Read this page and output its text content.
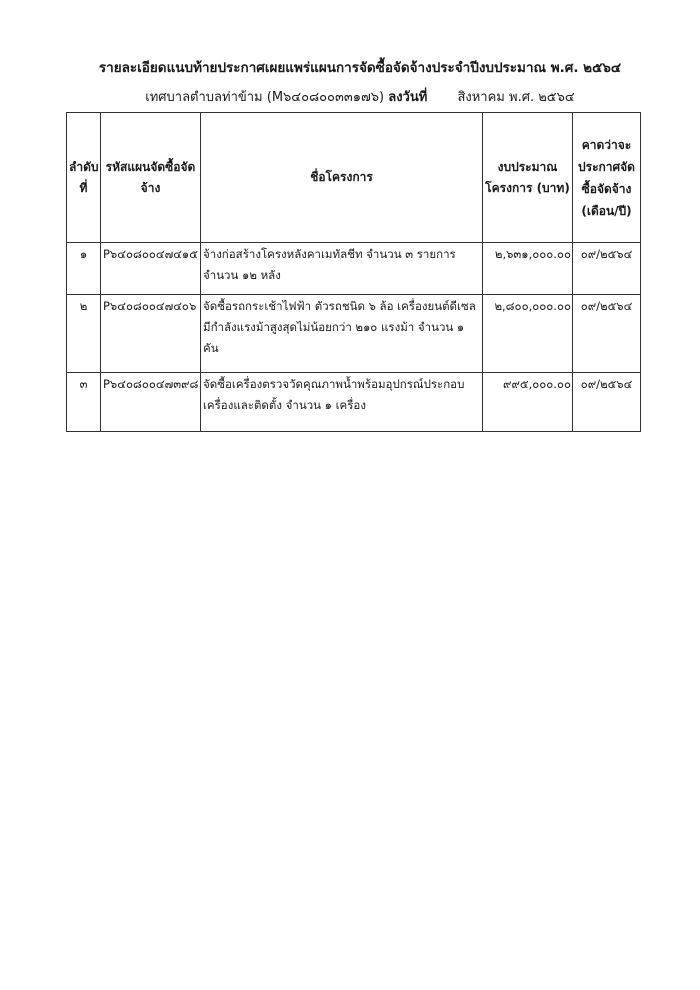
รายละเอียดแนบท้ายประกาศเผยแพร่แผนการจัดซื้อจัดจ้างประจำปีงบประมาณ พ.ศ. ๒๕๖๔
เทศบาลตำบลท่าข้าม (M๖๔๐๘๐๐๓๓๑๗๖) ลงวันที่ สิงหาคม พ.ศ. ๒๕๖๔
ลำดับที่	รหัสแผนจัดซื้อจัดจ้าง	ชื่อโครงการ	งบประมาณโครงการ (บาท)	คาดว่าจะประกาศจัดซื้อจัดจ้าง (เดือน/ปี)
๑	P๖๔๐๘๐๐๔๗๔๑๕	จ้างก่อสร้างโครงหลังคาเมทัลชีท จำนวน ๓ รายการ จำนวน ๑๒ หลัง	๒,๖๓๑,๐๐๐.๐๐	๐๙/๒๕๖๔
๒	P๖๔๐๘๐๐๔๗๔๐๖	จัดซื้อรถกระเช้าไฟฟ้า ตัวรถชนิด ๖ ล้อ เครื่องยนต์ดีเซล มีกำลังแรงม้าสูงสุดไม่น้อยกว่า ๒๑๐ แรงม้า จำนวน ๑ คัน	๒,๘๐๐,๐๐๐.๐๐	๐๙/๒๕๖๔
๓	P๖๔๐๘๐๐๔๗๓๙๘	จัดซื้อเครื่องตรวจวัดคุณภาพน้ำพร้อมอุปกรณ์ประกอบ เครื่องและติดตั้ง จำนวน ๑ เครื่อง	๙๙๕,๐๐๐.๐๐	๐๙/๒๕๖๔
